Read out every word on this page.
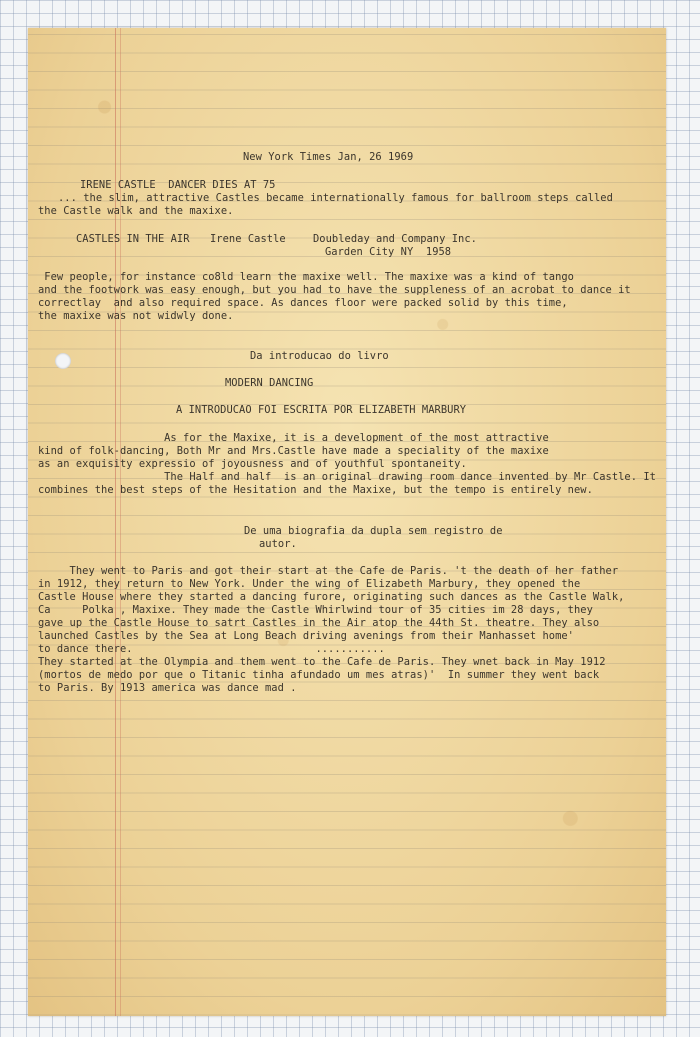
New York Times Jan, 26 1969

IRENE CASTLE  DANCER DIES AT 75

... the slim, attractive Castles became internationally famous for ballroom steps called

the Castle walk and the maxixe.

CASTLES IN THE AIR Irene Castle	Doubleday and Company Inc.

Garden City NY  1958

Few people, for instance co8ld learn the maxixe well. The maxixe was a kind of tango

and the footwork was easy enough, but you had to have the suppleness of an acrobat to dance it

correctlay  and also required space. As dances floor were packed solid by this time,

the maxixe was not widwly done.

Da introducao do livro

MODERN DANCING

A INTRODUCAO FOI ESCRITA POR ELIZABETH MARBURY

As for the Maxixe, it is a development of the most attractive

kind of folk-dancing, Both Mr and Mrs.Castle have made a speciality of the maxixe

as an exquisity expressio of joyousness and of youthful spontaneity.

The Half and half  is an original drawing room dance invented by Mr Castle. It

combines the best steps of the Hesitation and the Maxixe, but the tempo is entirely new.

De uma biografia da dupla sem registro de

autor.

They went to Paris and got their start at the Cafe de Paris. 't the death of her father

in 1912, they return to New York. Under the wing of Elizabeth Marbury, they opened the

Castle House where they started a dancing furore, originating such dances as the Castle Walk,

Ca     Polka , Maxixe. They made the Castle Whirlwind tour of 35 cities im 28 days, they

gave up the Castle House to satrt Castles in the Air atop the 44th St. theatre. They also

launched Castles by the Sea at Long Beach driving avenings from their Manhasset home'

to dance there.                             ...........

They started at the Olympia and them went to the Cafe de Paris. They wnet back in May 1912

(mortos de medo por que o Titanic tinha afundado um mes atras)'  In summer they went back

to Paris. By 1913 america was dance mad .
